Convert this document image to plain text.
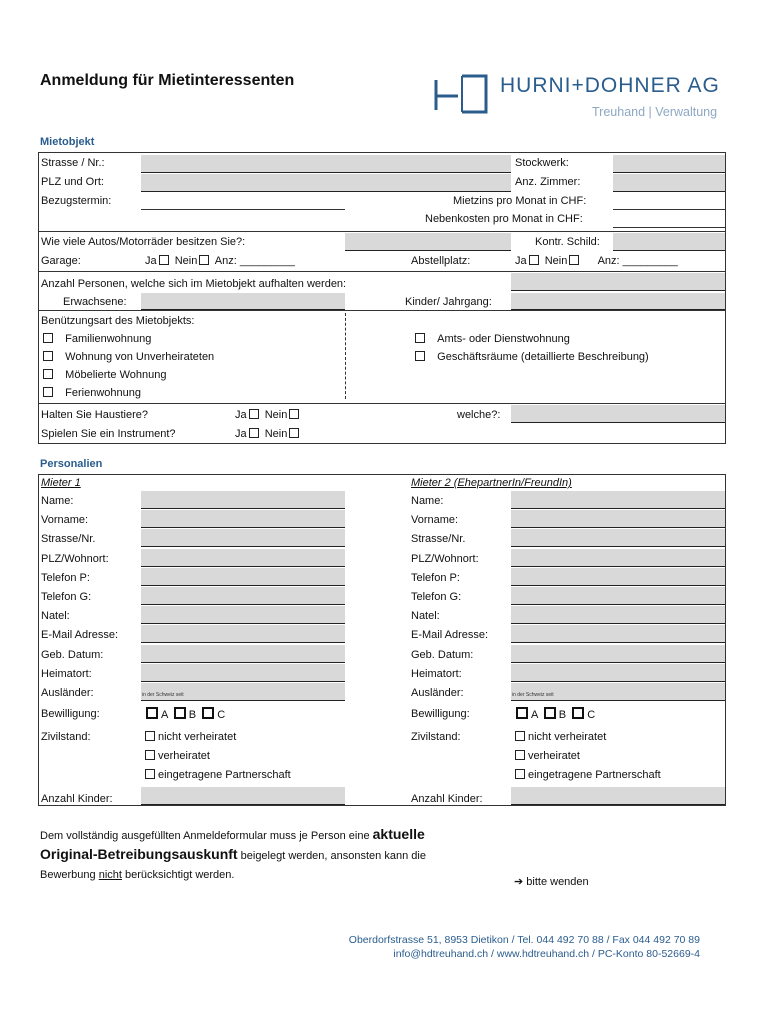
Anmeldung für Mietinteressenten	HURNI+DOHNER AG
Treuhand | Verwaltung
Mietobjekt
Strasse / Nr.:	Stockwerk:
PLZ und Ort:	Anz. Zimmer:
Bezugstermin:	Mietzins pro Monat in CHF:
Nebenkosten pro Monat in CHF:
Wie viele Autos/Motorräder besitzen Sie?:	Kontr. Schild:
Garage:	Ja Nein Anz: _________	Abstellplatz:	Ja Nein	Anz: _________
Anzahl Personen, welche sich im Mietobjekt aufhalten werden:
Erwachsene:	Kinder/ Jahrgang:
Benützungsart des Mietobjekts:
Familienwohnung
Wohnung von Unverheirateten
Möbelierte Wohnung
Ferienwohnung
Amts- oder Dienstwohnung
Geschäftsräume (detaillierte Beschreibung)
Halten Sie Haustiere?	Ja Nein	welche?:
Spielen Sie ein Instrument?	Ja Nein
Personalien
Mieter 1	Mieter 2 (EhepartnerIn/FreundIn)
Name:	Name:
Vorname:	Vorname:
Strasse/Nr.	Strasse/Nr.
PLZ/Wohnort:	PLZ/Wohnort:
Telefon P:	Telefon P:
Telefon G:	Telefon G:
Natel:	Natel:
E-Mail Adresse:	E-Mail Adresse:
Geb. Datum:	Geb. Datum:
Heimatort:	Heimatort:
Ausländer:	in der Schweiz seit	Ausländer:	in der Schweiz seit
Bewilligung:	A B C	Bewilligung:	A B C
Zivilstand:	nicht verheiratet
verheiratet
eingetragene Partnerschaft
Zivilstand:	nicht verheiratet
verheiratet
eingetragene Partnerschaft
Anzahl Kinder:	Anzahl Kinder:
Dem vollständig ausgefüllten Anmeldeformular muss je Person eine aktuelle
Original-Betreibungsauskunft beigelegt werden, ansonsten kann die
Bewerbung nicht berücksichtigt werden.
➔ bitte wenden
Oberdorfstrasse 51, 8953 Dietikon / Tel. 044 492 70 88 / Fax 044 492 70 89
info@hdtreuhand.ch / www.hdtreuhand.ch / PC-Konto 80-52669-4
